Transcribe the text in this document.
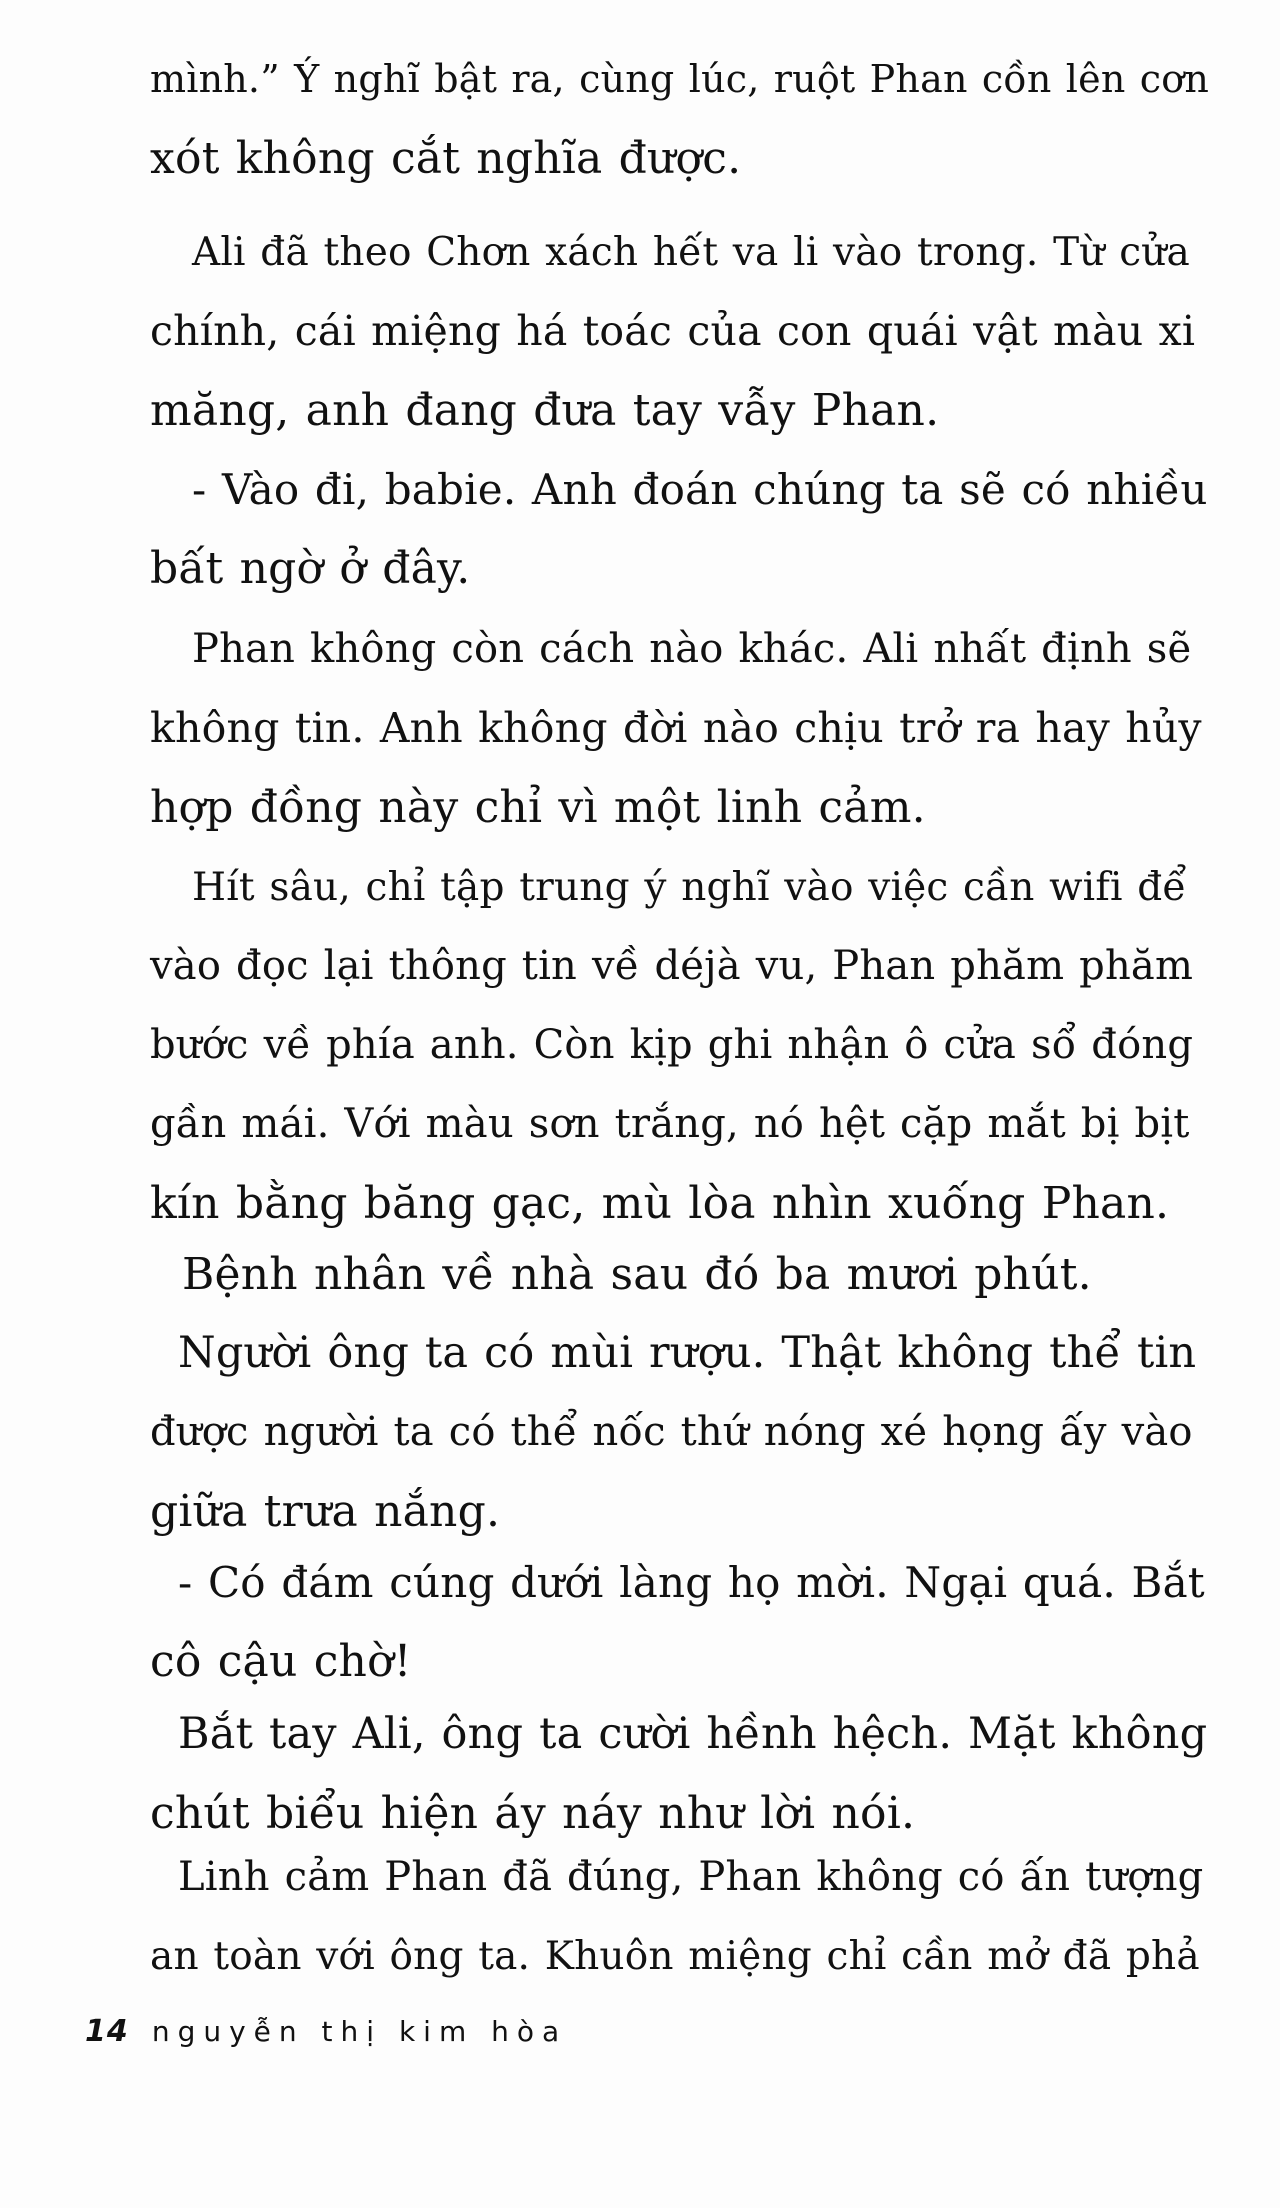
mình.” Ý nghĩ bật ra, cùng lúc, ruột Phan cồn lên cơn
xót không cắt nghĩa được.

Ali đã theo Chơn xách hết va li vào trong. Từ cửa
chính, cái miệng há toác của con quái vật màu xi
măng, anh đang đưa tay vẫy Phan.

- Vào đi, babie. Anh đoán chúng ta sẽ có nhiều
bất ngờ ở đây.

Phan không còn cách nào khác. Ali nhất định sẽ
không tin. Anh không đời nào chịu trở ra hay hủy
hợp đồng này chỉ vì một linh cảm.

Hít sâu, chỉ tập trung ý nghĩ vào việc cần wifi để
vào đọc lại thông tin về déjà vu, Phan phăm phăm
bước về phía anh. Còn kịp ghi nhận ô cửa sổ đóng
gần mái. Với màu sơn trắng, nó hệt cặp mắt bị bịt
kín bằng băng gạc, mù lòa nhìn xuống Phan.

Bệnh nhân về nhà sau đó ba mươi phút.

Người ông ta có mùi rượu. Thật không thể tin
được người ta có thể nốc thứ nóng xé họng ấy vào
giữa trưa nắng.

- Có đám cúng dưới làng họ mời. Ngại quá. Bắt
cô cậu chờ!

Bắt tay Ali, ông ta cười hềnh hệch. Mặt không
chút biểu hiện áy náy như lời nói.

Linh cảm Phan đã đúng, Phan không có ấn tượng
an toàn với ông ta. Khuôn miệng chỉ cần mở đã phả

14 nguyễn thị kim hòa
